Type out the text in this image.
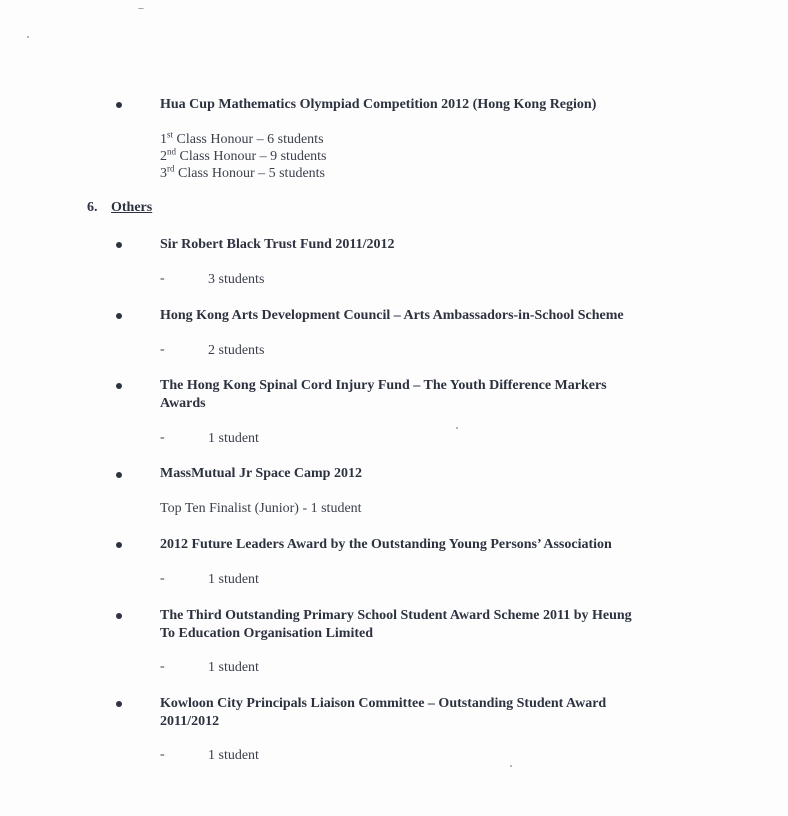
Hua Cup Mathematics Olympiad Competition 2012 (Hong Kong Region)
1st Class Honour – 6 students
2nd Class Honour – 9 students
3rd Class Honour – 5 students
6. Others
Sir Robert Black Trust Fund 2011/2012
-	3 students
Hong Kong Arts Development Council – Arts Ambassadors-in-School Scheme
-	2 students
The Hong Kong Spinal Cord Injury Fund – The Youth Difference Markers
Awards
-	1 student
MassMutual Jr Space Camp 2012
Top Ten Finalist (Junior) - 1 student
2012 Future Leaders Award by the Outstanding Young Persons’ Association
-	1 student
The Third Outstanding Primary School Student Award Scheme 2011 by Heung
To Education Organisation Limited
-	1 student
Kowloon City Principals Liaison Committee – Outstanding Student Award
2011/2012
-	1 student
